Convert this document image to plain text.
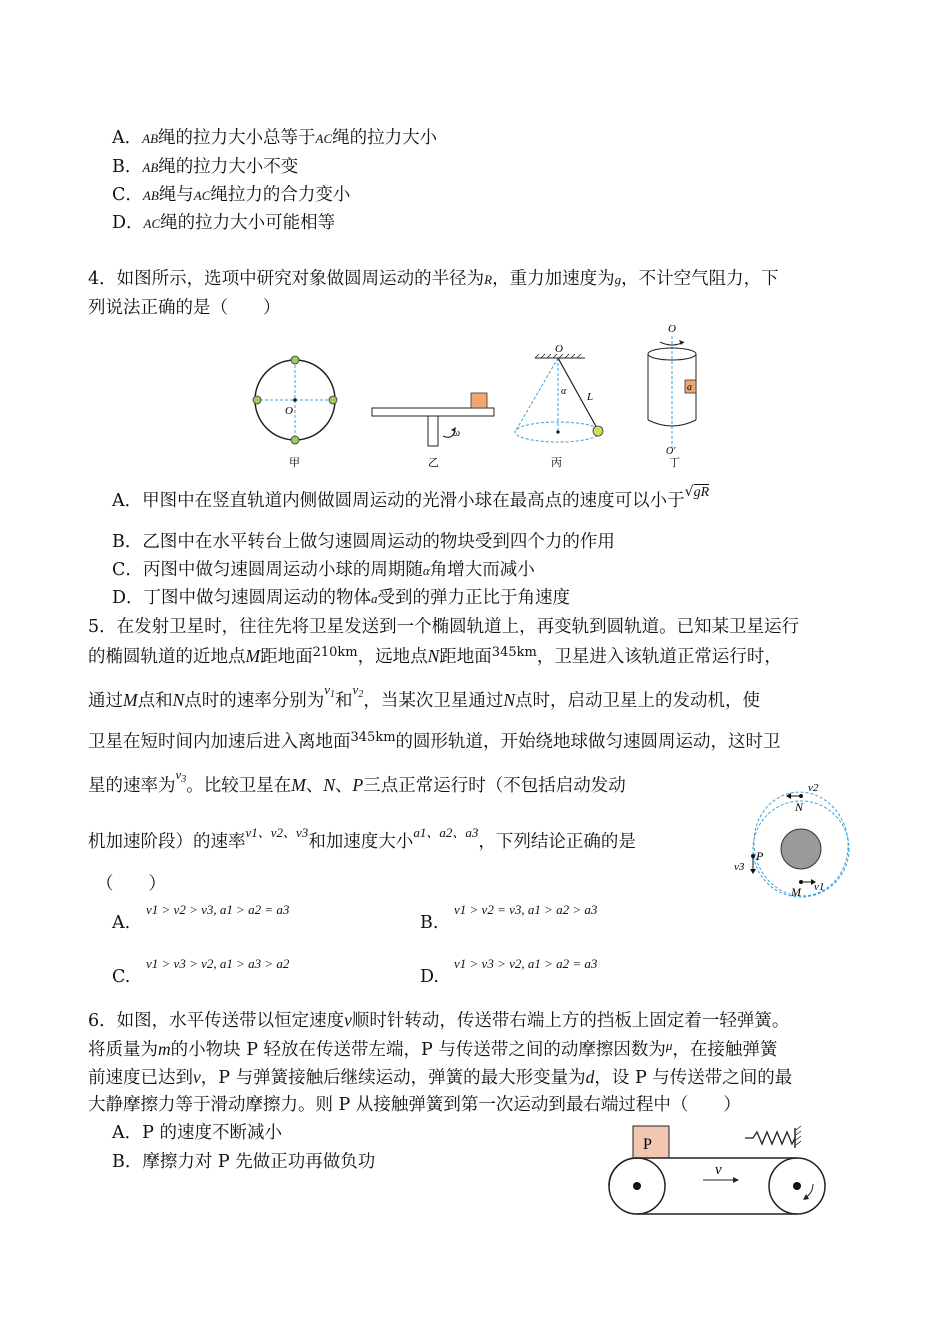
A．AB绳的拉力大小总等于AC绳的拉力大小
B．AB绳的拉力大小不变
C．AB绳与AC绳拉力的合力变小
D．AC绳的拉力大小可能相等
4．如图所示，选项中研究对象做圆周运动的半径为R，重力加速度为g，不计空气阻力，下
列说法正确的是（　　）
O
甲
ω
乙
O
α L
丙
O
a
O′
丁
A．甲图中在竖直轨道内侧做圆周运动的光滑小球在最高点的速度可以小于$^{√gR}$
B．乙图中在水平转台上做匀速圆周运动的物块受到四个力的作用
C．丙图中做匀速圆周运动小球的周期随α角增大而减小
D．丁图中做匀速圆周运动的物体a受到的弹力正比于角速度
5．在发射卫星时，往往先将卫星发送到一个椭圆轨道上，再变轨到圆轨道。已知某卫星运行
的椭圆轨道的近地点M距地面$^{210km}$，远地点N距地面$^{345km}$，卫星进入该轨道正常运行时，
通过M点和N点时的速率分别为$^{v_1}$和$^{v_2}$，当某次卫星通过N点时，启动卫星上的发动机，使
卫星在短时间内加速后进入离地面$^{345km}$的圆形轨道，开始绕地球做匀速圆周运动，这时卫
星的速率为$^{v_3}$。比较卫星在M、N、P三点正常运行时（不包括启动发动
机加速阶段）的速率$^{v1、v2、v3}$和加速度大小$^{a1、a2、a3}$，下列结论正确的是
（　　）
v2
N
P
v3
M v1
A.
v1 > v2 > v3, a1 > a2 = a3
B.
v1 > v2 = v3, a1 > a2 > a3
C.
v1 > v3 > v2, a1 > a3 > a2
D.
v1 > v3 > v2, a1 > a2 = a3
6．如图，水平传送带以恒定速度v顺时针转动，传送带右端上方的挡板上固定着一轻弹簧。
将质量为m的小物块 P 轻放在传送带左端，P 与传送带之间的动摩擦因数为$^\mu$，在接触弹簧
前速度已达到v，P 与弹簧接触后继续运动，弹簧的最大形变量为d，设 P 与传送带之间的最
大静摩擦力等于滑动摩擦力。则 P 从接触弹簧到第一次运动到最右端过程中（　　）
A．P 的速度不断减小
B．摩擦力对 P 先做正功再做负功
P
v
